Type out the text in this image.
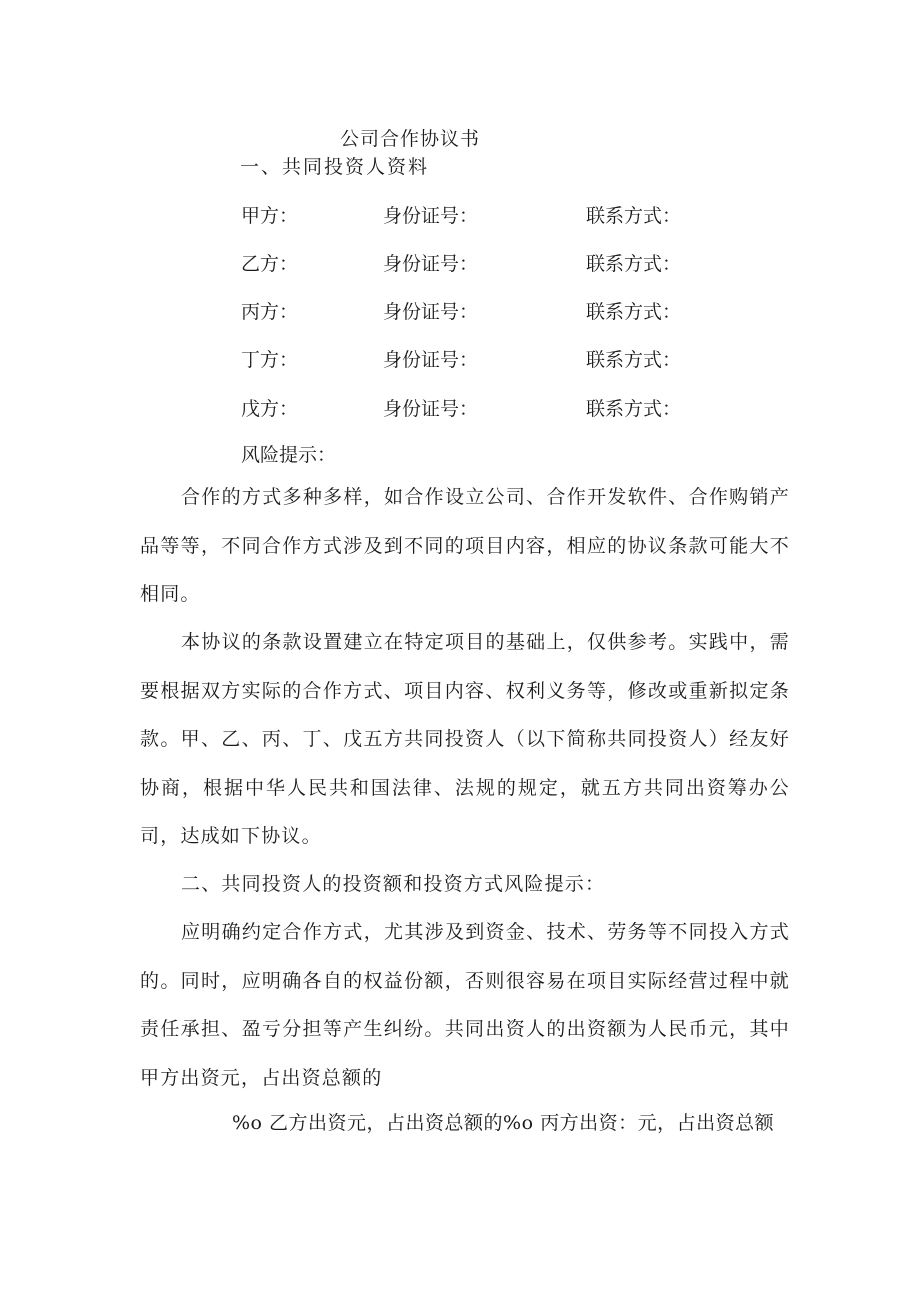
公司合作协议书
一、共同投资人资料
甲方：	身份证号：	联系方式：
乙方：	身份证号：	联系方式：
丙方：	身份证号：	联系方式：
丁方：	身份证号：	联系方式：
戊方：	身份证号：	联系方式：
风险提示：

合作的方式多种多样，如合作设立公司、合作开发软件、合作购销产品等等，不同合作方式涉及到不同的项目内容，相应的协议条款可能大不相同。

本协议的条款设置建立在特定项目的基础上，仅供参考。实践中，需要根据双方实际的合作方式、项目内容、权利义务等，修改或重新拟定条款。甲、乙、丙、丁、戊五方共同投资人（以下简称共同投资人）经友好协商，根据中华人民共和国法律、法规的规定，就五方共同出资筹办公司，达成如下协议。

二、共同投资人的投资额和投资方式风险提示：

应明确约定合作方式，尤其涉及到资金、技术、劳务等不同投入方式的。同时，应明确各自的权益份额，否则很容易在项目实际经营过程中就责任承担、盈亏分担等产生纠纷。共同出资人的出资额为人民币元，其中甲方出资元，占出资总额的

%o 乙方出资元，占出资总额的%o 丙方出资：元，占出资总额
